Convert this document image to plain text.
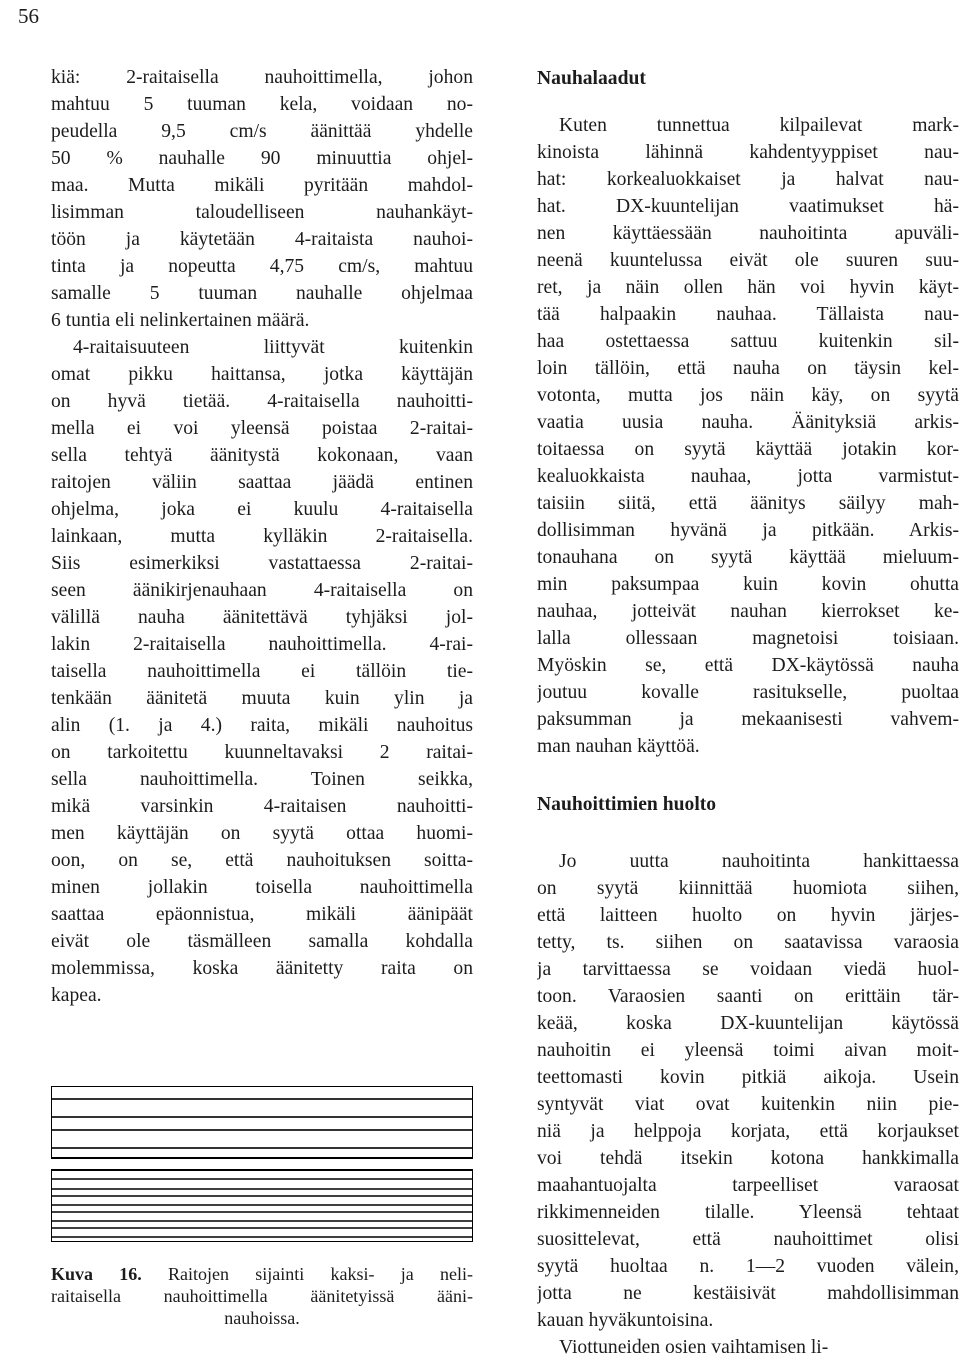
56
kiä: 2-raitaisella nauhoittimella, johon
mahtuu 5 tuuman kela, voidaan no-
peudella 9,5 cm/s äänittää yhdelle
50 % nauhalle 90 minuuttia ohjel-
maa. Mutta mikäli pyritään mahdol-
lisimman taloudelliseen nauhankäyt-
töön ja käytetään 4-raitaista nauhoi-
tinta ja nopeutta 4,75 cm/s, mahtuu
samalle 5 tuuman nauhalle ohjelmaa
6 tuntia eli nelinkertainen määrä.
4-raitaisuuteen liittyvät kuitenkin
omat pikku haittansa, jotka käyttäjän
on hyvä tietää. 4-raitaisella nauhoitti-
mella ei voi yleensä poistaa 2-raitai-
sella tehtyä äänitystä kokonaan, vaan
raitojen väliin saattaa jäädä entinen
ohjelma, joka ei kuulu 4-raitaisella
lainkaan, mutta kylläkin 2-raitaisella.
Siis esimerkiksi vastattaessa 2-raitai-
seen äänikirjenauhaan 4-raitaisella on
välillä nauha äänitettävä tyhjäksi jol-
lakin 2-raitaisella nauhoittimella. 4-rai-
taisella nauhoittimella ei tällöin tie-
tenkään äänitetä muuta kuin ylin ja
alin (1. ja 4.) raita, mikäli nauhoitus
on tarkoitettu kuunneltavaksi 2 raitai-
sella nauhoittimella. Toinen seikka,
mikä varsinkin 4-raitaisen nauhoitti-
men käyttäjän on syytä ottaa huomi-
oon, on se, että nauhoituksen soitta-
minen jollakin toisella nauhoittimella
saattaa epäonnistua, mikäli äänipäät
eivät ole täsmälleen samalla kohdalla
molemmissa, koska äänitetty raita on
kapea.
Kuva 16. Raitojen sijainti kaksi- ja neli-
raitaisella nauhoittimella äänitetyissä ääni-
nauhoissa.
Nauhalaadut
Kuten tunnettua kilpailevat mark-
kinoista lähinnä kahdentyyppiset nau-
hat: korkealuokkaiset ja halvat nau-
hat. DX-kuuntelijan vaatimukset hä-
nen käyttäessään nauhoitinta apuväli-
neenä kuuntelussa eivät ole suuren suu-
ret, ja näin ollen hän voi hyvin käyt-
tää halpaakin nauhaa. Tällaista nau-
haa ostettaessa sattuu kuitenkin sil-
loin tällöin, että nauha on täysin kel-
votonta, mutta jos näin käy, on syytä
vaatia uusia nauha. Äänityksiä arkis-
toitaessa on syytä käyttää jotakin kor-
kealuokkaista nauhaa, jotta varmistut-
taisiin siitä, että äänitys säilyy mah-
dollisimman hyvänä ja pitkään. Arkis-
tonauhana on syytä käyttää mieluum-
min paksumpaa kuin kovin ohutta
nauhaa, jotteivät nauhan kierrokset ke-
lalla ollessaan magnetoisi toisiaan.
Myöskin se, että DX-käytössä nauha
joutuu kovalle rasitukselle, puoltaa
paksumman ja mekaanisesti vahvem-
man nauhan käyttöä.
Nauhoittimien huolto
Jo uutta nauhoitinta hankittaessa
on syytä kiinnittää huomiota siihen,
että laitteen huolto on hyvin järjes-
tetty, ts. siihen on saatavissa varaosia
ja tarvittaessa se voidaan viedä huol-
toon. Varaosien saanti on erittäin tär-
keää, koska DX-kuuntelijan käytössä
nauhoitin ei yleensä toimi aivan moit-
teettomasti kovin pitkiä aikoja. Usein
syntyvät viat ovat kuitenkin niin pie-
niä ja helppoja korjata, että korjaukset
voi tehdä itsekin kotona hankkimalla
maahantuojalta tarpeelliset varaosat
rikkimenneiden tilalle. Yleensä tehtaat
suosittelevat, että nauhoittimet olisi
syytä huoltaa n. 1—2 vuoden välein,
jotta ne kestäisivät mahdollisimman
kauan hyväkuntoisina.
Viottuneiden osien vaihtamisen li-
